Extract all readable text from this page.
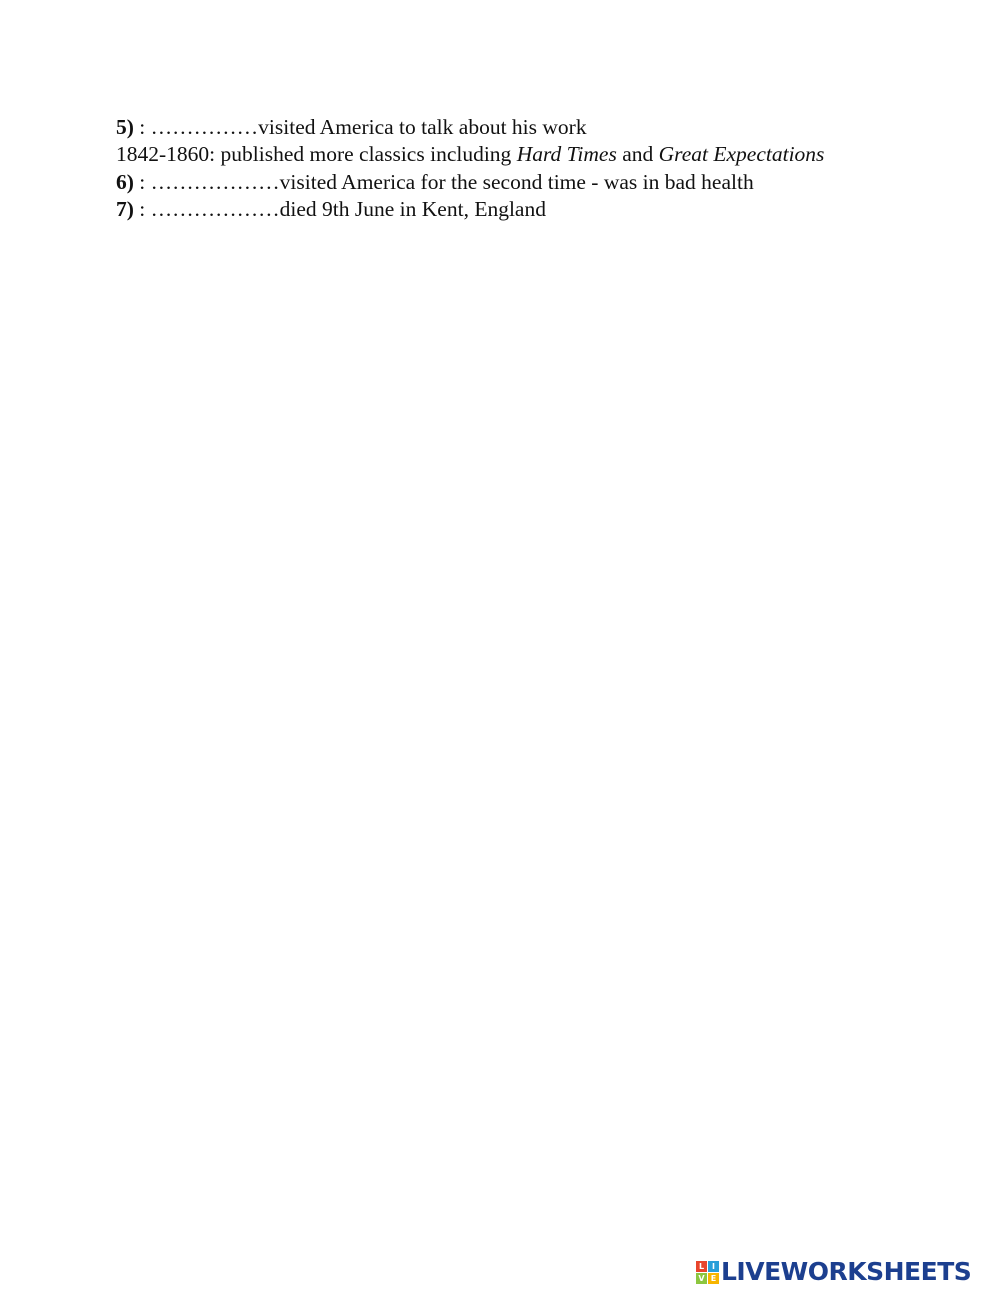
5) : ……………visited America to talk about his work
1842-1860: published more classics including Hard Times and Great Expectations
6) : ………………visited America for the second time - was in bad health
7) : ………………died 9th June in Kent, England
L I
V E LIVEWORKSHEETS
